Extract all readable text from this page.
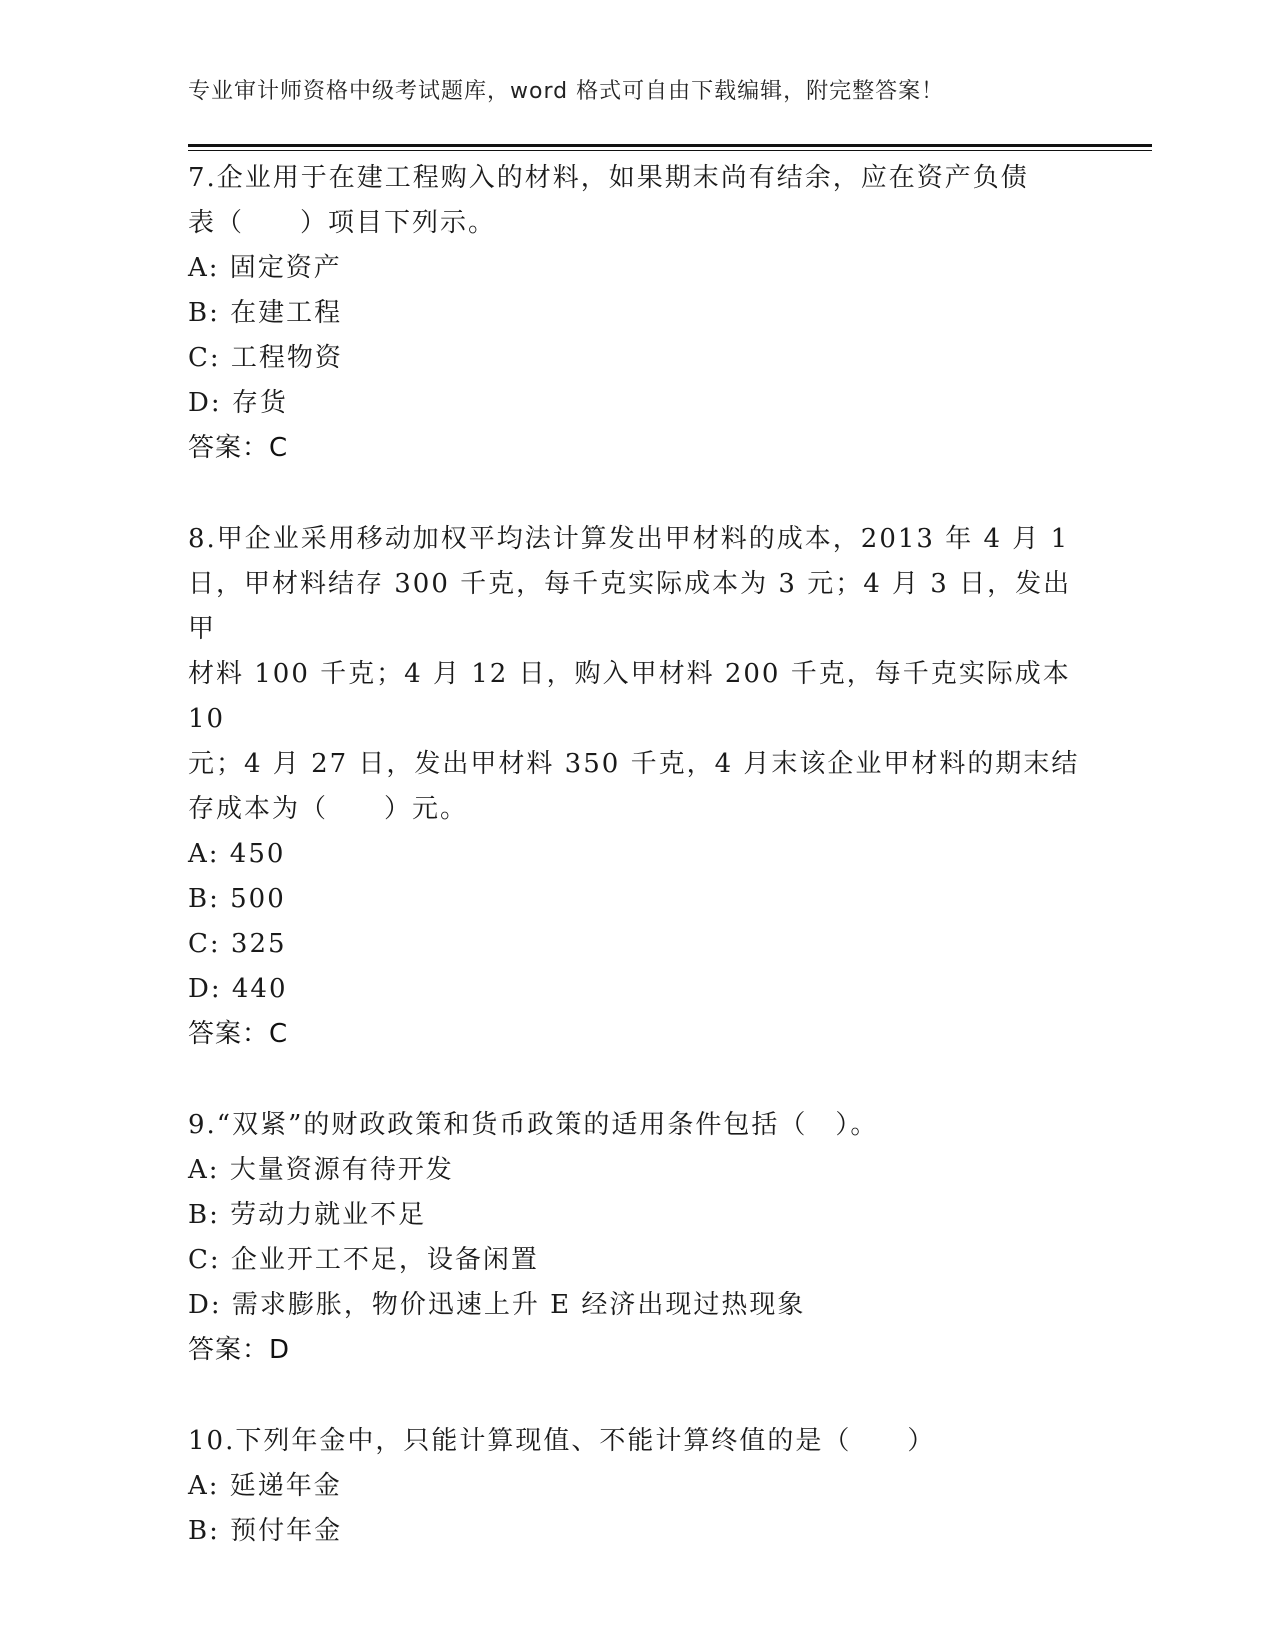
专业审计师资格中级考试题库，word 格式可自由下载编辑，附完整答案！

7.企业用于在建工程购入的材料，如果期末尚有结余，应在资产负债

表（　　）项目下列示。

A: 固定资产

B: 在建工程

C: 工程物资

D: 存货

答案：C

8.甲企业采用移动加权平均法计算发出甲材料的成本，2013 年 4 月 1

日，甲材料结存 300 千克，每千克实际成本为 3 元；4 月 3 日，发出甲

材料 100 千克；4 月 12 日，购入甲材料 200 千克，每千克实际成本 10

元；4 月 27 日，发出甲材料 350 千克，4 月末该企业甲材料的期末结

存成本为（　　）元。

A: 450

B: 500

C: 325

D: 440

答案：C

9.“双紧”的财政政策和货币政策的适用条件包括（　）。

A: 大量资源有待开发

B: 劳动力就业不足

C: 企业开工不足，设备闲置

D: 需求膨胀，物价迅速上升 E 经济出现过热现象

答案：D

10.下列年金中，只能计算现值、不能计算终值的是（　　）

A: 延递年金

B: 预付年金
